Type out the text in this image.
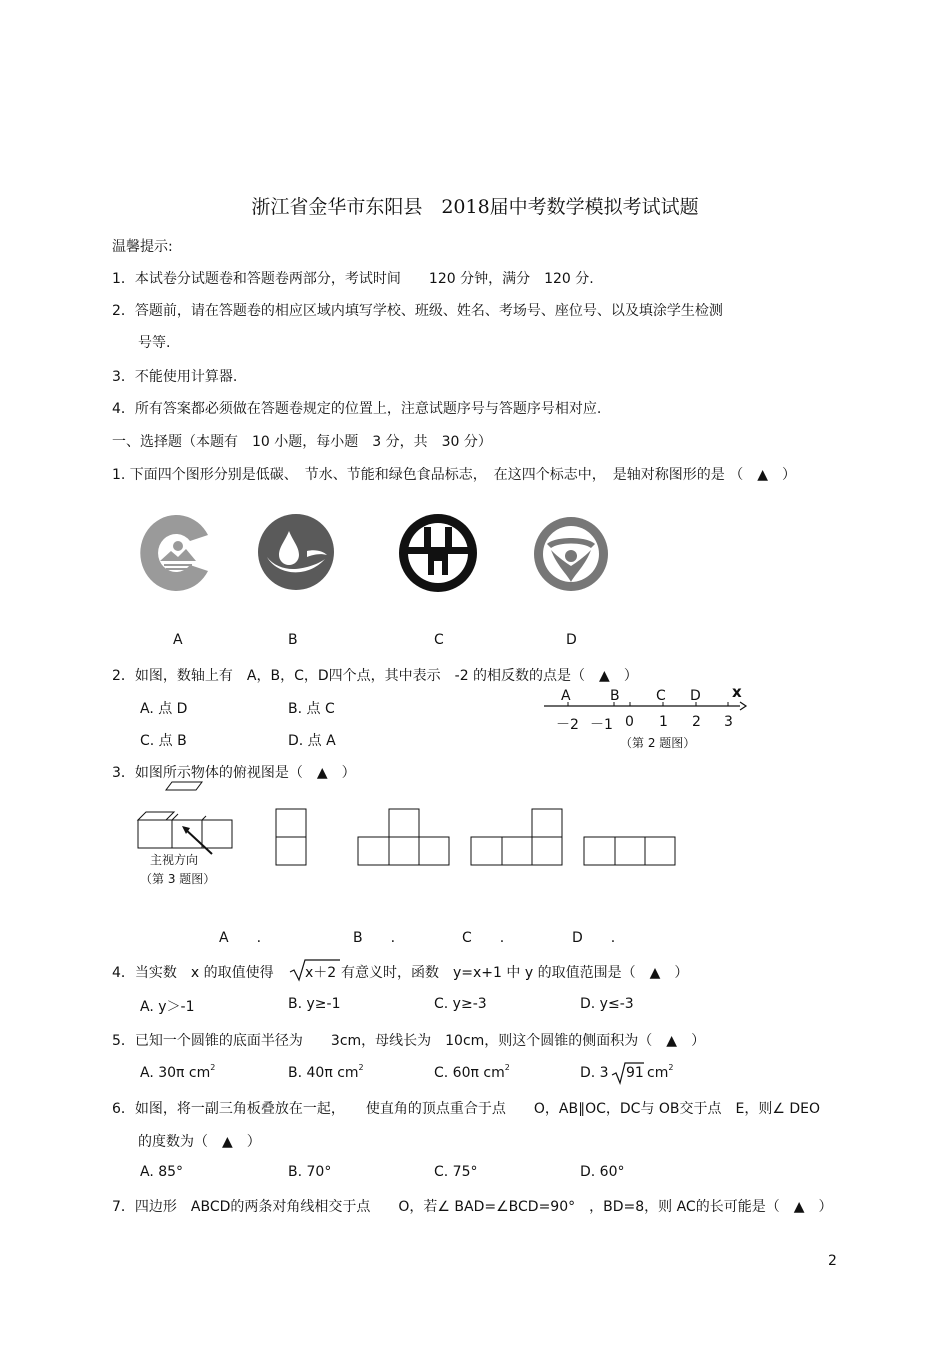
浙江省金华市东阳县　2018届中考数学模拟考试试题
温馨提示:
1．本试卷分试题卷和答题卷两部分，考试时间　　120 分钟，满分　120 分.
2．答题前，请在答题卷的相应区域内填写学校、班级、姓名、考场号、座位号、以及填涂学生检测
号等.
3．不能使用计算器.
4．所有答案都必须做在答题卷规定的位置上，注意试题序号与答题序号相对应.
一、选择题（本题有　10 小题，每小题　3 分，共　30 分）
1. 下面四个图形分别是低碳、　节水、节能和绿色食品标志，　在这四个标志中，　是轴对称图形的是 （　▲　）
A	B	C	D
2．如图，数轴上有　A，B，C，D四个点，其中表示　-2 的相反数的点是（　▲　）
A. 点 D	B. 点 C
C. 点 B	D. 点 A
A	B	C D x
－2 －1 0 1 2 3
（第 2 题图）
3．如图所示物体的俯视图是（　▲　）
主视方向
（第 3 题图）
A　　.	B　　.	C　　.	D　　.
4．当实数　x 的取值使得 x＋2 有意义时，函数　y=x+1 中 y 的取值范围是（　▲　）
A. y＞-1	B. y≥-1	C. y≥-3	D. y≤-3
5．已知一个圆锥的底面半径为　　3cm，母线长为　10cm，则这个圆锥的侧面积为（　▲　）
A. 30π $cm^2$	B. 40π $cm^2$	C. 60π $cm^2$	D. 3 91 $cm^2$
6．如图，将一副三角板叠放在一起，　　使直角的顶点重合于点　　O，AB∥OC，DC与 OB交于点　E，则∠ DEO
的度数为（　▲　）
A. 85°	B. 70°	C. 75°	D. 60°
7．四边形　ABCD的两条对角线相交于点　　O，若∠ BAD=∠BCD=90°　，BD=8，则 AC的长可能是（　▲　）
2
